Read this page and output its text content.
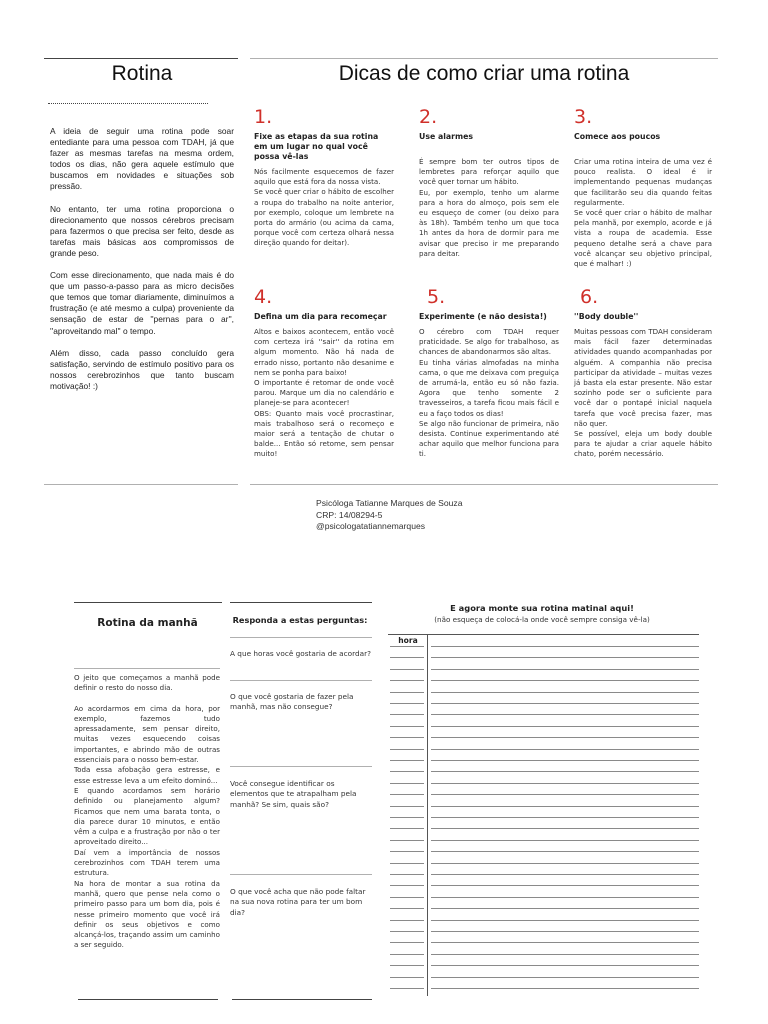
Rotina	Dicas de como criar uma rotina

A ideia de seguir uma rotina pode soar entediante para uma pessoa com TDAH, já que fazer as mesmas tarefas na mesma ordem, todos os dias, não gera aquele estímulo que buscamos em novidades e situações sob pressão.

No entanto, ter uma rotina proporciona o direcionamento que nossos cérebros precisam para fazermos o que precisa ser feito, desde as tarefas mais básicas aos compromissos de grande peso.

Com esse direcionamento, que nada mais é do que um passo-a-passo para as micro decisões que temos que tomar diariamente, diminuímos a frustração (e até mesmo a culpa) proveniente da sensação de estar de ''pernas para o ar'', ''aproveitando mal'' o tempo.

Além disso, cada passo concluído gera satisfação, servindo de estímulo positivo para os nossos cerebrozinhos que tanto buscam motivação! :)

1.
Fixe as etapas da sua rotina em um lugar no qual você possa vê-las

Nós facilmente esquecemos de fazer aquilo que está fora da nossa vista.

Se você quer criar o hábito de escolher a roupa do trabalho na noite anterior, por exemplo, coloque um lembrete na porta do armário (ou acima da cama, porque você com certeza olhará nessa direção quando for deitar).

2.
Use alarmes

É sempre bom ter outros tipos de lembretes para reforçar aquilo que você quer tornar um hábito.

Eu, por exemplo, tenho um alarme para a hora do almoço, pois sem ele eu esqueço de comer (ou deixo para às 18h). Também tenho um que toca 1h antes da hora de dormir para me avisar que preciso ir me preparando para deitar.

3.
Comece aos poucos

Criar uma rotina inteira de uma vez é pouco realista. O ideal é ir implementando pequenas mudanças que facilitarão seu dia quando feitas regularmente.

Se você quer criar o hábito de malhar pela manhã, por exemplo, acorde e já vista a roupa de academia. Esse pequeno detalhe será a chave para você alcançar seu objetivo principal, que é malhar! :)

4.
Defina um dia para recomeçar

Altos e baixos acontecem, então você com certeza irá ''sair'' da rotina em algum momento. Não há nada de errado nisso, portanto não desanime e nem se ponha para baixo!

O importante é retomar de onde você parou. Marque um dia no calendário e planeje-se para acontecer!

OBS: Quanto mais você procrastinar, mais trabalhoso será o recomeço e maior será a tentação de chutar o balde... Então só retome, sem pensar muito!

5.
Experimente (e não desista!)

O cérebro com TDAH requer praticidade. Se algo for trabalhoso, as chances de abandonarmos são altas.

Eu tinha várias almofadas na minha cama, o que me deixava com preguiça de arrumá-la, então eu só não fazia. Agora que tenho somente 2 travesseiros, a tarefa ficou mais fácil e eu a faço todos os dias!

Se algo não funcionar de primeira, não desista. Continue experimentando até achar aquilo que melhor funciona para ti.

6.
''Body double''

Muitas pessoas com TDAH consideram mais fácil fazer determinadas atividades quando acompanhadas por alguém. A companhia não precisa participar da atividade – muitas vezes já basta ela estar presente. Não estar sozinho pode ser o suficiente para você dar o pontapé inicial naquela tarefa que você precisa fazer, mas não quer.

Se possível, eleja um body double para te ajudar a criar aquele hábito chato, porém necessário.

Psicóloga Tatianne Marques de Souza
CRP: 14/08294-5
@psicologatatiannemarques
Rotina da manhã

O jeito que começamos a manhã pode definir o resto do nosso dia.

Ao acordarmos em cima da hora, por exemplo, fazemos tudo apressadamente, sem pensar direito, muitas vezes esquecendo coisas importantes, e abrindo mão de outras essenciais para o nosso bem-estar.

Toda essa afobação gera estresse, e esse estresse leva a um efeito dominó...

E quando acordamos sem horário definido ou planejamento algum? Ficamos que nem uma barata tonta, o dia parece durar 10 minutos, e então vêm a culpa e a frustração por não o ter aproveitado direito...

Daí vem a importância de nossos cerebrozinhos com TDAH terem uma estrutura.

Na hora de montar a sua rotina da manhã, quero que pense nela como o primeiro passo para um bom dia, pois é nesse primeiro momento que você irá definir os seus objetivos e como alcançá-los, traçando assim um caminho a ser seguido.

Responda a estas perguntas:
A que horas você gostaria de acordar?
O que você gostaria de fazer pela manhã, mas não consegue?
Você consegue identificar os elementos que te atrapalham pela manhã? Se sim, quais são?
O que você acha que não pode faltar na sua nova rotina para ter um bom dia?
E agora monte sua rotina matinal aqui!
(não esqueça de colocá-la onde você sempre consiga vê-la)
hora
